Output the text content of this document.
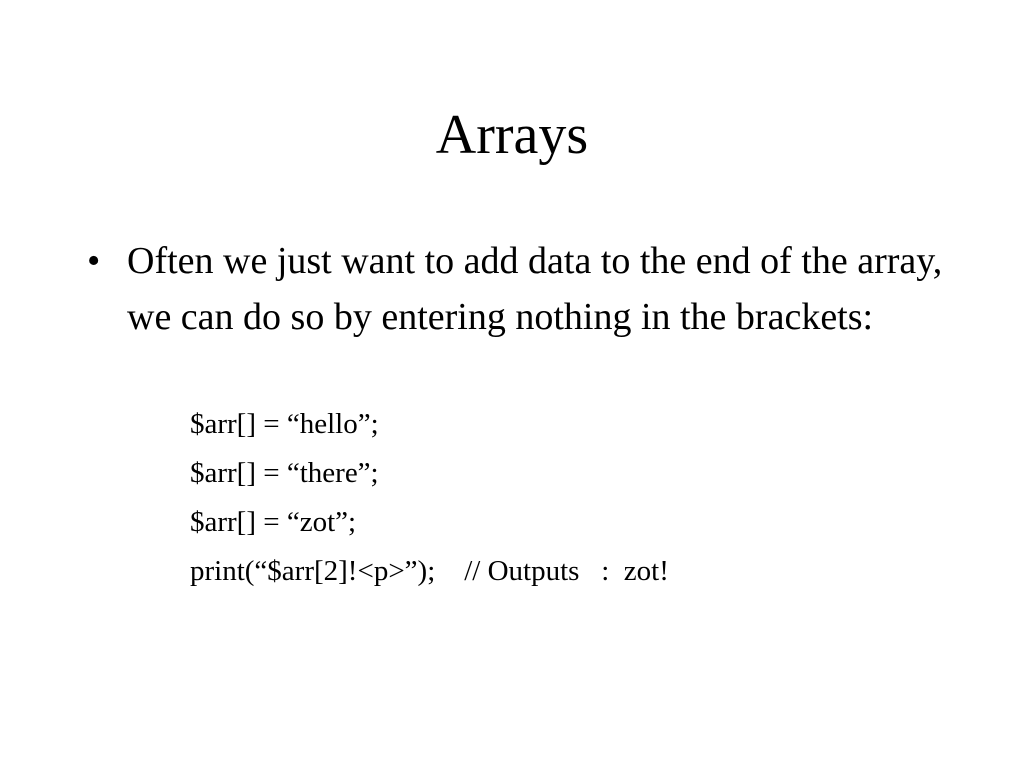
Arrays
• Often we just want to add data to the end of the array, we can do so by entering nothing in the brackets:
$arr[] = “hello”;
$arr[] = “there”;
$arr[] = “zot”;
print(“$arr[2]!<p>”);    // Outputs   :  zot!
